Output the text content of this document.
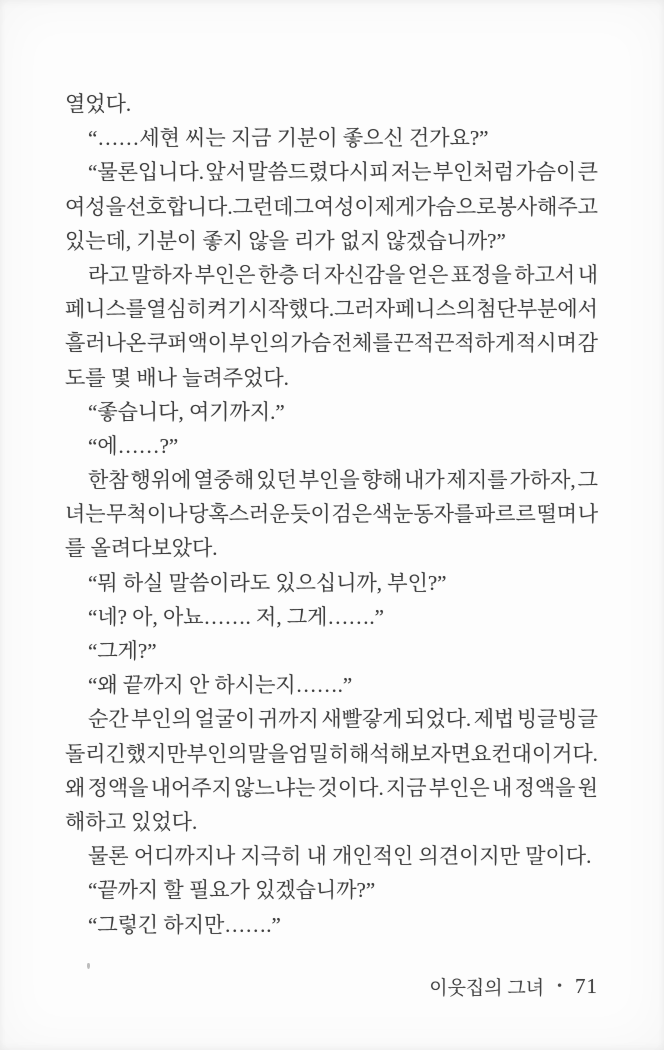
열었다.
“……세현 씨는 지금 기분이 좋으신 건가요?”
“물론입니다. 앞서 말씀드렸다시피 저는 부인처럼 가슴이 큰
여성을 선호합니다. 그런데 그 여성이 제게 가슴으로 봉사해주고
있는데, 기분이 좋지 않을 리가 없지 않겠습니까?”
라고 말하자 부인은 한층 더 자신감을 얻은 표정을 하고서 내
페니스를 열심히 켜기 시작했다. 그러자 페니스의 첨단 부분에서
흘러나온 쿠퍼액이 부인의 가슴 전체를 끈적끈적하게 적시며 감
도를 몇 배나 늘려주었다.
“좋습니다, 여기까지.”
“에……?”
한참 행위에 열중해 있던 부인을 향해 내가 제지를 가하자, 그
녀는 무척이나 당혹스러운 듯이 검은색 눈동자를 파르르 떨며 나
를 올려다보았다.
“뭐 하실 말씀이라도 있으십니까, 부인?”
“네? 아, 아뇨……. 저, 그게…….”
“그게?”
“왜 끝까지 안 하시는지…….”
순간 부인의 얼굴이 귀까지 새빨갛게 되었다. 제법 빙글빙글
돌리긴 했지만 부인의 말을 엄밀히 해석해보자면 요컨대 이거다.
왜 정액을 내어주지 않느냐는 것이다. 지금 부인은 내 정액을 원
해하고 있었다.
물론 어디까지나 지극히 내 개인적인 의견이지만 말이다.
“끝까지 할 필요가 있겠습니까?”
“그렇긴 하지만…….”
이웃집의 그녀 • 71
